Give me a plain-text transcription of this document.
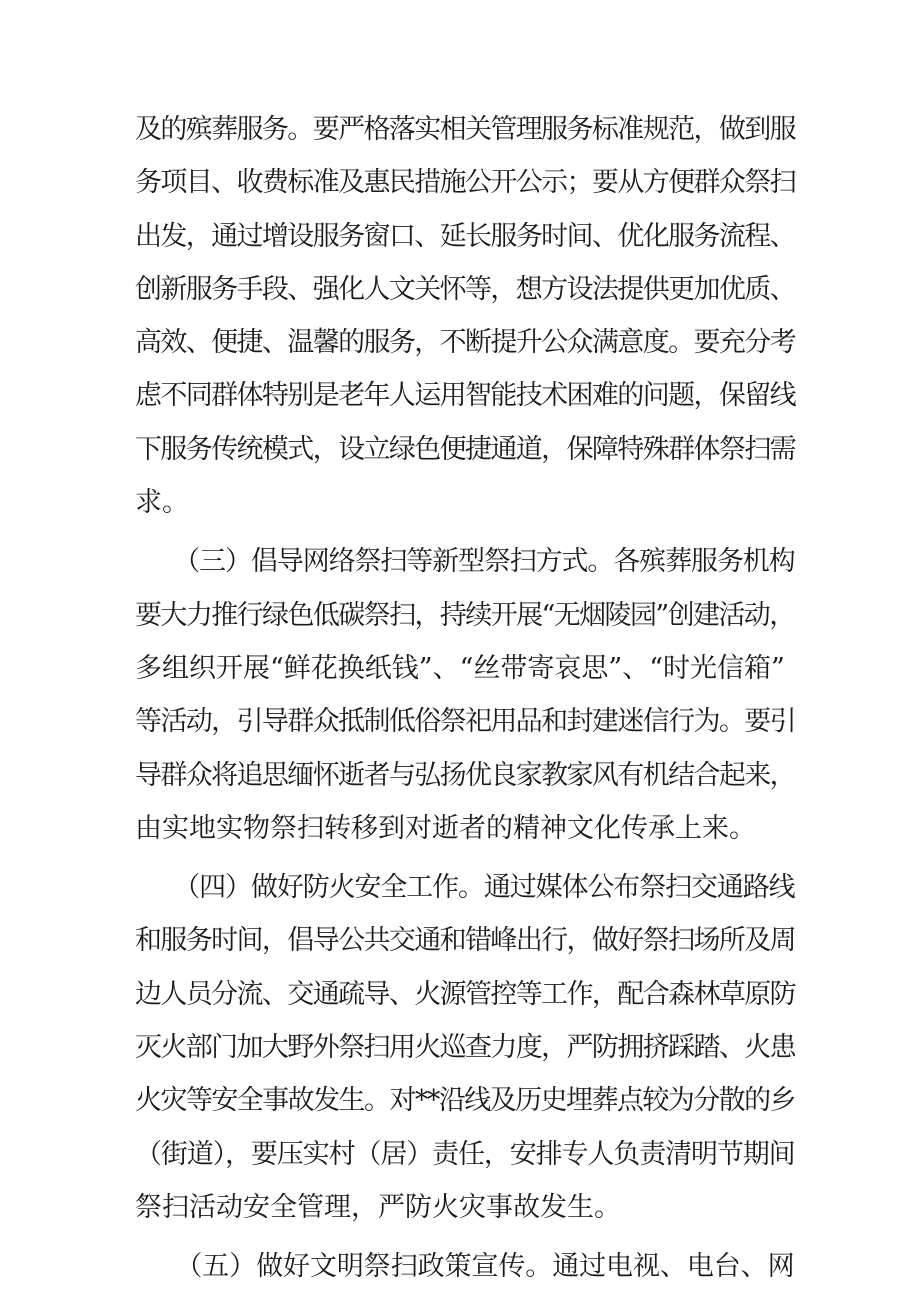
及的殡葬服务。要严格落实相关管理服务标准规范，做到服
务项目、收费标准及惠民措施公开公示；要从方便群众祭扫
出发，通过增设服务窗口、延长服务时间、优化服务流程、
创新服务手段、强化人文关怀等，想方设法提供更加优质、
高效、便捷、温馨的服务，不断提升公众满意度。要充分考
虑不同群体特别是老年人运用智能技术困难的问题，保留线
下服务传统模式，设立绿色便捷通道，保障特殊群体祭扫需
求。

　　（三）倡导网络祭扫等新型祭扫方式。各殡葬服务机构
要大力推行绿色低碳祭扫，持续开展“无烟陵园”创建活动，
多组织开展“鲜花换纸钱”、“丝带寄哀思”、“时光信箱”
等活动，引导群众抵制低俗祭祀用品和封建迷信行为。要引
导群众将追思缅怀逝者与弘扬优良家教家风有机结合起来，
由实地实物祭扫转移到对逝者的精神文化传承上来。

　　（四）做好防火安全工作。通过媒体公布祭扫交通路线
和服务时间，倡导公共交通和错峰出行，做好祭扫场所及周
边人员分流、交通疏导、火源管控等工作，配合森林草原防
灭火部门加大野外祭扫用火巡查力度，严防拥挤踩踏、火患
火灾等安全事故发生。对**沿线及历史埋葬点较为分散的乡
（街道），要压实村（居）责任，安排专人负责清明节期间
祭扫活动安全管理，严防火灾事故发生。

　　（五）做好文明祭扫政策宣传。通过电视、电台、网
